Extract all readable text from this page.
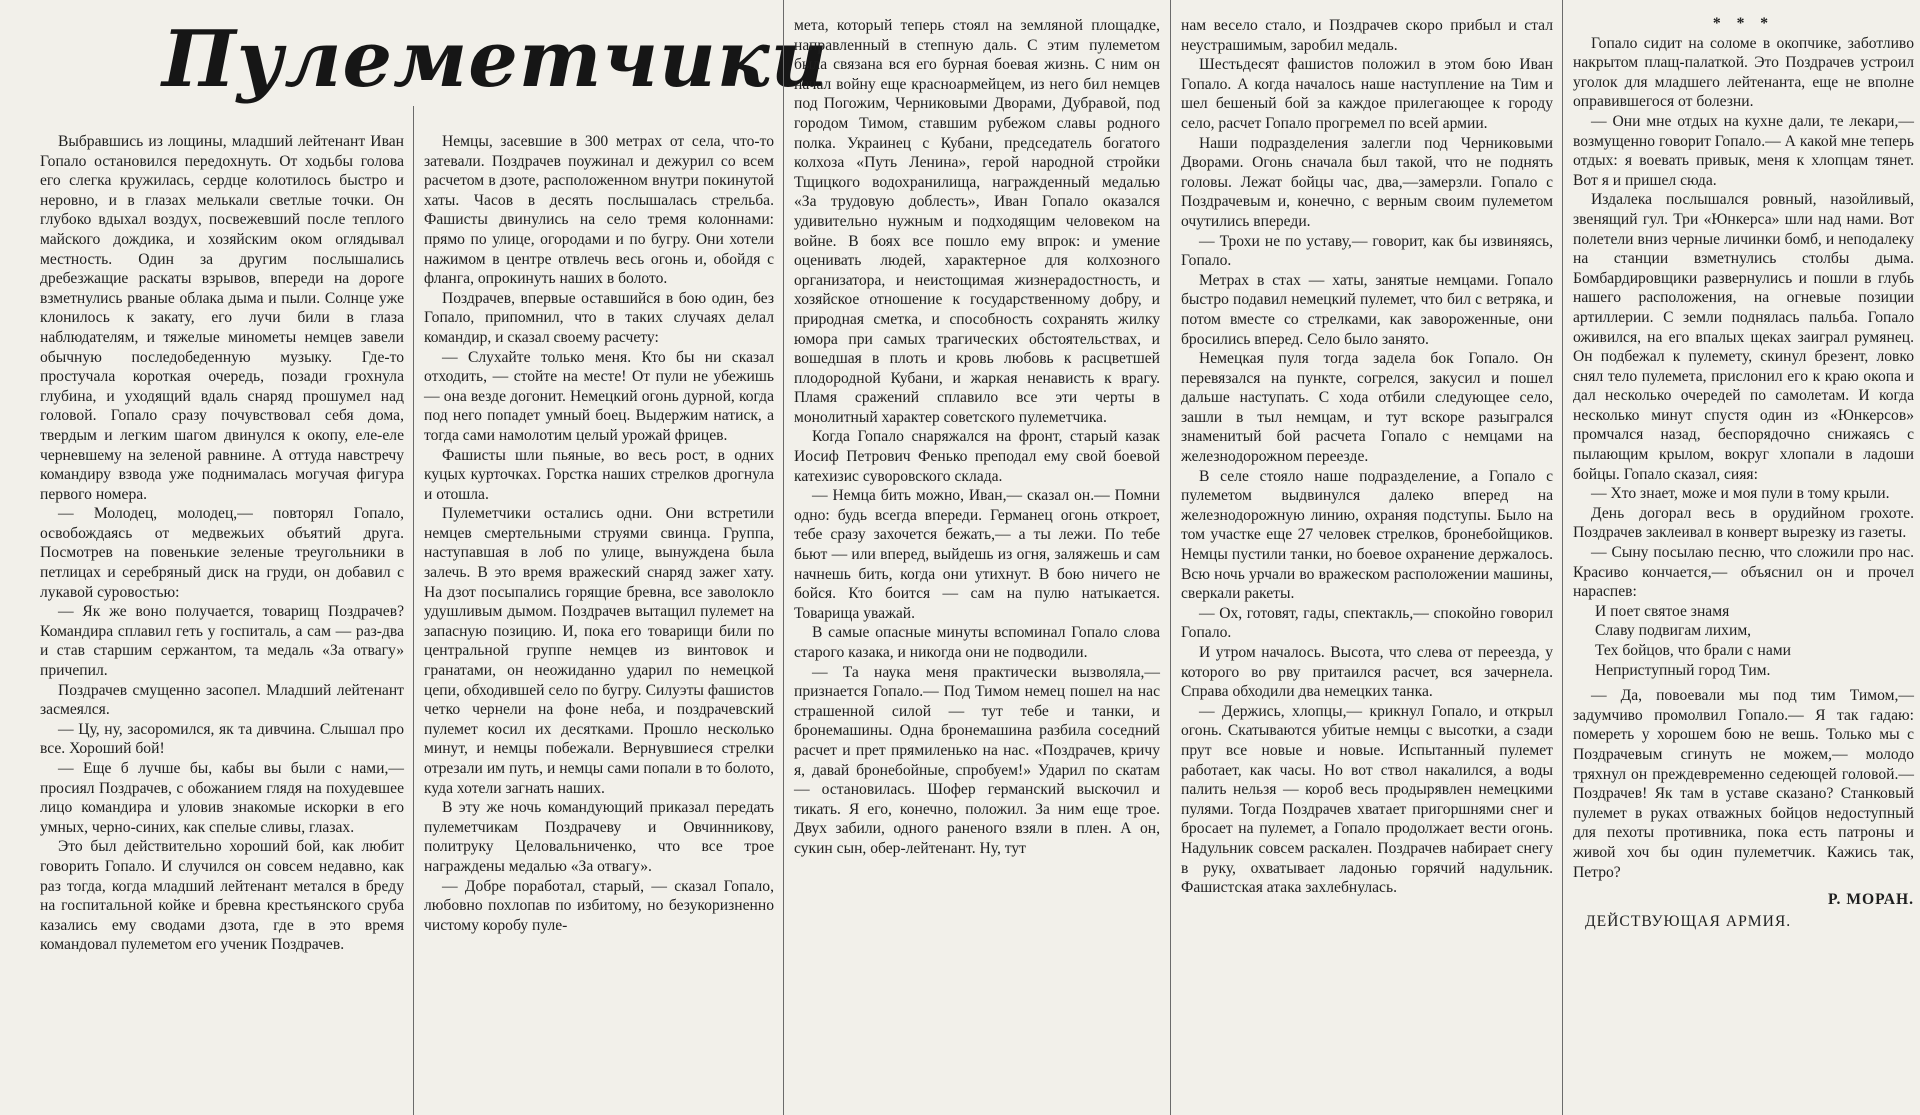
Пулеметчики

Выбравшись из лощины, младший лейтенант Иван Гопало остановился передохнуть. От ходьбы голова его слегка кружилась, сердце колотилось быстро и неровно, и в глазах мелькали светлые точки. Он глубоко вдыхал воздух, посвежевший после теплого майского дождика, и хозяйским оком оглядывал местность. Один за другим послышались дребезжащие раскаты взрывов, впереди на дороге взметнулись рваные облака дыма и пыли. Солнце уже клонилось к закату, его лучи били в глаза наблюдателям, и тяжелые минометы немцев завели обычную последобеденную музыку. Где-то простучала короткая очередь, позади грохнула глубина, и уходящий вдаль снаряд прошумел над головой. Гопало сразу почувствовал себя дома, твердым и легким шагом двинулся к окопу, еле-еле черневшему на зеленой равнине. А оттуда навстречу командиру взвода уже поднималась могучая фигура первого номера.

— Молодец, молодец,— повторял Гопало, освобождаясь от медвежьих объятий друга. Посмотрев на повенькие зеленые треугольники в петлицах и серебряный диск на груди, он добавил с лукавой суровостью:

— Як же воно получается, товарищ Поздрачев? Командира сплавил геть у госпиталь, а сам — раз-два и став старшим сержантом, та медаль «За отвагу» причепил.

Поздрачев смущенно засопел. Младший лейтенант засмеялся.

— Цу, ну, засоромился, як та дивчина. Слышал про все. Хороший бой!

— Еще б лучше бы, кабы вы были с нами,— просиял Поздрачев, с обожанием глядя на похудевшее лицо командира и уловив знакомые искорки в его умных, черно-синих, как спелые сливы, глазах.

Это был действительно хороший бой, как любит говорить Гопало. И случился он совсем недавно, как раз тогда, когда младший лейтенант метался в бреду на госпитальной койке и бревна крестьянского сруба казались ему сводами дзота, где в это время командовал пулеметом его ученик Поздрачев.

Немцы, засевшие в 300 метрах от села, что-то затевали. Поздрачев поужинал и дежурил со всем расчетом в дзоте, расположенном внутри покинутой хаты. Часов в десять послышалась стрельба. Фашисты двинулись на село тремя колоннами: прямо по улице, огородами и по бугру. Они хотели нажимом в центре отвлечь весь огонь и, обойдя с фланга, опрокинуть наших в болото.

Поздрачев, впервые оставшийся в бою один, без Гопало, припомнил, что в таких случаях делал командир, и сказал своему расчету:

— Слухайте только меня. Кто бы ни сказал отходить, — стойте на месте! От пули не убежишь — она везде догонит. Немецкий огонь дурной, когда под него попадет умный боец. Выдержим натиск, а тогда сами намолотим целый урожай фрицев.

Фашисты шли пьяные, во весь рост, в одних куцых курточках. Горстка наших стрелков дрогнула и отошла.

Пулеметчики остались одни. Они встретили немцев смертельными струями свинца. Группа, наступавшая в лоб по улице, вынуждена была залечь. В это время вражеский снаряд зажег хату. На дзот посыпались горящие бревна, все заволокло удушливым дымом. Поздрачев вытащил пулемет на запасную позицию. И, пока его товарищи били по центральной группе немцев из винтовок и гранатами, он неожиданно ударил по немецкой цепи, обходившей село по бугру. Силуэты фашистов четко чернели на фоне неба, и поздрачевский пулемет косил их десятками. Прошло несколько минут, и немцы побежали. Вернувшиеся стрелки отрезали им путь, и немцы сами попали в то болото, куда хотели загнать наших.

В эту же ночь командующий приказал передать пулеметчикам Поздрачеву и Овчинникову, политруку Целовальниченко, что все трое награждены медалью «За отвагу».

— Добре поработал, старый, — сказал Гопало, любовно похлопав по избитому, но безукоризненно чистому коробу пуле-

мета, который теперь стоял на земляной площадке, направленный в степную даль. С этим пулеметом была связана вся его бурная боевая жизнь. С ним он начал войну еще красноармейцем, из него бил немцев под Погожим, Черниковыми Дворами, Дубравой, под городом Тимом, ставшим рубежом славы родного полка. Украинец с Кубани, председатель богатого колхоза «Путь Ленина», герой народной стройки Тщицкого водохранилища, награжденный медалью «За трудовую доблесть», Иван Гопало оказался удивительно нужным и подходящим человеком на войне. В боях все пошло ему впрок: и умение оценивать людей, характерное для колхозного организатора, и неистощимая жизнерадостность, и хозяйское отношение к государственному добру, и природная сметка, и способность сохранять жилку юмора при самых трагических обстоятельствах, и вошедшая в плоть и кровь любовь к расцветшей плодородной Кубани, и жаркая ненависть к врагу. Пламя сражений сплавило все эти черты в монолитный характер советского пулеметчика.

Когда Гопало снаряжался на фронт, старый казак Иосиф Петрович Фенько преподал ему свой боевой катехизис суворовского склада.

— Немца бить можно, Иван,— сказал он.— Помни одно: будь всегда впереди. Германец огонь откроет, тебе сразу захочется бежать,— а ты лежи. По тебе бьют — или вперед, выйдешь из огня, заляжешь и сам начнешь бить, когда они утихнут. В бою ничего не бойся. Кто боится — сам на пулю натыкается. Товарища уважай.

В самые опасные минуты вспоминал Гопало слова старого казака, и никогда они не подводили.

— Та наука меня практически вызволяла,— признается Гопало.— Под Тимом немец пошел на нас страшенной силой — тут тебе и танки, и бронемашины. Одна бронемашина разбила соседний расчет и прет прямиленько на нас. «Поздрачев, кричу я, давай бронебойные, спробуем!» Ударил по скатам — остановилась. Шофер германский выскочил и тикать. Я его, конечно, положил. За ним еще трое. Двух забили, одного раненого взяли в плен. А он, сукин сын, обер-лейтенант. Ну, тут

нам весело стало, и Поздрачев скоро прибыл и стал неустрашимым, заробил медаль.

Шестьдесят фашистов положил в этом бою Иван Гопало. А когда началось наше наступление на Тим и шел бешеный бой за каждое прилегающее к городу село, расчет Гопало прогремел по всей армии.

Наши подразделения залегли под Черниковыми Дворами. Огонь сначала был такой, что не поднять головы. Лежат бойцы час, два,—замерзли. Гопало с Поздрачевым и, конечно, с верным своим пулеметом очутились впереди.

— Трохи не по уставу,— говорит, как бы извиняясь, Гопало.

Метрах в стах — хаты, занятые немцами. Гопало быстро подавил немецкий пулемет, что бил с ветряка, и потом вместе со стрелками, как завороженные, они бросились вперед. Село было занято.

Немецкая пуля тогда задела бок Гопало. Он перевязался на пункте, согрелся, закусил и пошел дальше наступать. С хода отбили следующее село, зашли в тыл немцам, и тут вскоре разыгрался знаменитый бой расчета Гопало с немцами на железнодорожном переезде.

В селе стояло наше подразделение, а Гопало с пулеметом выдвинулся далеко вперед на железнодорожную линию, охраняя подступы. Было на том участке еще 27 человек стрелков, бронебойщиков. Немцы пустили танки, но боевое охранение держалось. Всю ночь урчали во вражеском расположении машины, сверкали ракеты.

— Ох, готовят, гады, спектакль,— спокойно говорил Гопало.

И утром началось. Высота, что слева от переезда, у которого во рву притаился расчет, вся зачернела. Справа обходили два немецких танка.

— Держись, хлопцы,— крикнул Гопало, и открыл огонь. Скатываются убитые немцы с высотки, а сзади прут все новые и новые. Испытанный пулемет работает, как часы. Но вот ствол накалился, а воды палить нельзя — короб весь продырявлен немецкими пулями. Тогда Поздрачев хватает пригоршнями снег и бросает на пулемет, а Гопало продолжает вести огонь. Надульник совсем раскален. Поздрачев набирает снегу в руку, охватывает ладонью горячий надульник. Фашистская атака захлебнулась.

* * *

Гопало сидит на соломе в окопчике, заботливо накрытом плащ-палаткой. Это Поздрачев устроил уголок для младшего лейтенанта, еще не вполне оправившегося от болезни.

— Они мне отдых на кухне дали, те лекари,— возмущенно говорит Гопало.— А какой мне теперь отдых: я воевать привык, меня к хлопцам тянет. Вот я и пришел сюда.

Издалека послышался ровный, назойливый, звенящий гул. Три «Юнкерса» шли над нами. Вот полетели вниз черные личинки бомб, и неподалеку на станции взметнулись столбы дыма. Бомбардировщики развернулись и пошли в глубь нашего расположения, на огневые позиции артиллерии. С земли поднялась пальба. Гопало оживился, на его впалых щеках заиграл румянец. Он подбежал к пулемету, скинул брезент, ловко снял тело пулемета, прислонил его к краю окопа и дал несколько очередей по самолетам. И когда несколько минут спустя один из «Юнкерсов» промчался назад, беспорядочно снижаясь с пылающим крылом, вокруг хлопали в ладоши бойцы. Гопало сказал, сияя:

— Хто знает, може и моя пули в тому крыли.

День догорал весь в орудийном грохоте. Поздрачев заклеивал в конверт вырезку из газеты.

— Сыну посылаю песню, что сложили про нас. Красиво кончается,— объяснил он и прочел нараспев:

И поет святое знамя

Славу подвигам лихим,

Тех бойцов, что брали с нами

Неприступный город Тим.

— Да, повоевали мы под тим Тимом,— задумчиво промолвил Гопало.— Я так гадаю: помереть у хорошем бою не вешь. Только мы с Поздрачевым сгинуть не можем,— молодо тряхнул он преждевременно седеющей головой.— Поздрачев! Як там в уставе сказано? Станковый пулемет в руках отважных бойцов недоступный для пехоты противника, пока есть патроны и живой хоч бы один пулеметчик. Кажись так, Петро?

Р. МОРАН.

ДЕЙСТВУЮЩАЯ АРМИЯ.
